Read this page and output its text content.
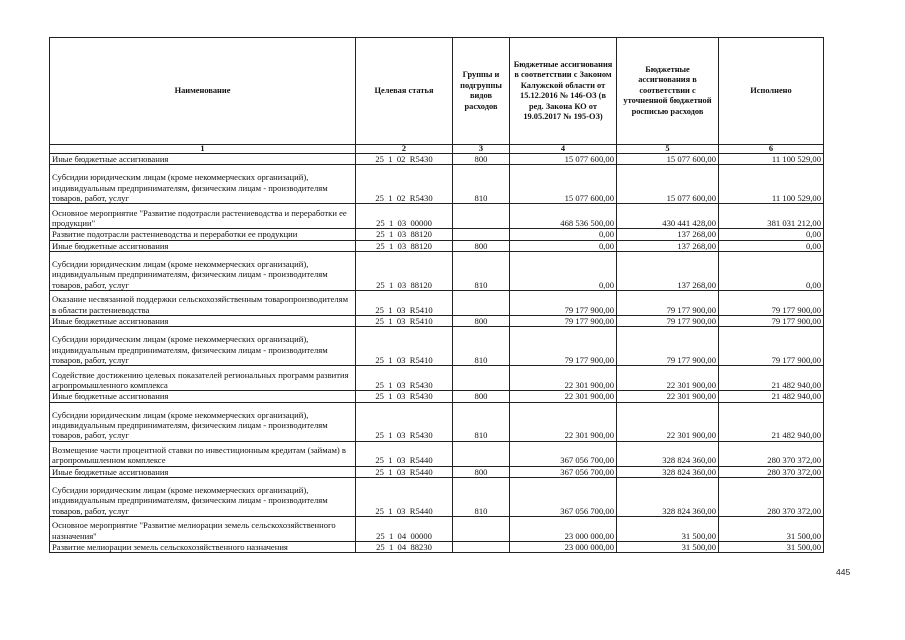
Наименование	Целевая статья	Группы и подгруппы видов расходов	Бюджетные ассигнования в соответствии с Законом Калужской области от 15.12.2016 № 146-ОЗ (в ред. Закона КО от 19.05.2017 № 195-ОЗ)	Бюджетные ассигнования в соответствии с уточненной бюджетной росписью расходов	Исполнено
1	2	3	4	5	6
Иные бюджетные ассигнования	25  1  02  R5430	800	15 077 600,00	15 077 600,00	11 100 529,00
Субсидии юридическим лицам (кроме некоммерческих организаций), индивидуальным предпринимателям, физическим лицам - производителям товаров, работ, услуг	25  1  02  R5430	810	15 077 600,00	15 077 600,00	11 100 529,00
Основное мероприятие "Развитие подотрасли растениеводства и переработки ее продукции"	25  1  03  00000		468 536 500,00	430 441 428,00	381 031 212,00
Развитие подотрасли растениеводства и переработки ее продукции	25  1  03  88120		0,00	137 268,00	0,00
Иные бюджетные ассигнования	25  1  03  88120	800	0,00	137 268,00	0,00
Субсидии юридическим лицам (кроме некоммерческих организаций), индивидуальным предпринимателям, физическим лицам - производителям товаров, работ, услуг	25  1  03  88120	810	0,00	137 268,00	0,00
Оказание несвязанной поддержки сельскохозяйственным товаропроизводителям в области растениеводства	25  1  03  R5410		79 177 900,00	79 177 900,00	79 177 900,00
Иные бюджетные ассигнования	25  1  03  R5410	800	79 177 900,00	79 177 900,00	79 177 900,00
Субсидии юридическим лицам (кроме некоммерческих организаций), индивидуальным предпринимателям, физическим лицам - производителям товаров, работ, услуг	25  1  03  R5410	810	79 177 900,00	79 177 900,00	79 177 900,00
Содействие достижению целевых показателей региональных программ развития агропромышленного комплекса	25  1  03  R5430		22 301 900,00	22 301 900,00	21 482 940,00
Иные бюджетные ассигнования	25  1  03  R5430	800	22 301 900,00	22 301 900,00	21 482 940,00
Субсидии юридическим лицам (кроме некоммерческих организаций), индивидуальным предпринимателям, физическим лицам - производителям товаров, работ, услуг	25  1  03  R5430	810	22 301 900,00	22 301 900,00	21 482 940,00
Возмещение части процентной ставки по инвестиционным кредитам (займам) в агропромышленном комплексе	25  1  03  R5440		367 056 700,00	328 824 360,00	280 370 372,00
Иные бюджетные ассигнования	25  1  03  R5440	800	367 056 700,00	328 824 360,00	280 370 372,00
Субсидии юридическим лицам (кроме некоммерческих организаций), индивидуальным предпринимателям, физическим лицам - производителям товаров, работ, услуг	25  1  03  R5440	810	367 056 700,00	328 824 360,00	280 370 372,00
Основное мероприятие "Развитие мелиорации земель сельскохозяйственного назначения"	25  1  04  00000		23 000 000,00	31 500,00	31 500,00
Развитие мелиорации земель сельскохозяйственного назначения	25  1  04  88230		23 000 000,00	31 500,00	31 500,00
445
